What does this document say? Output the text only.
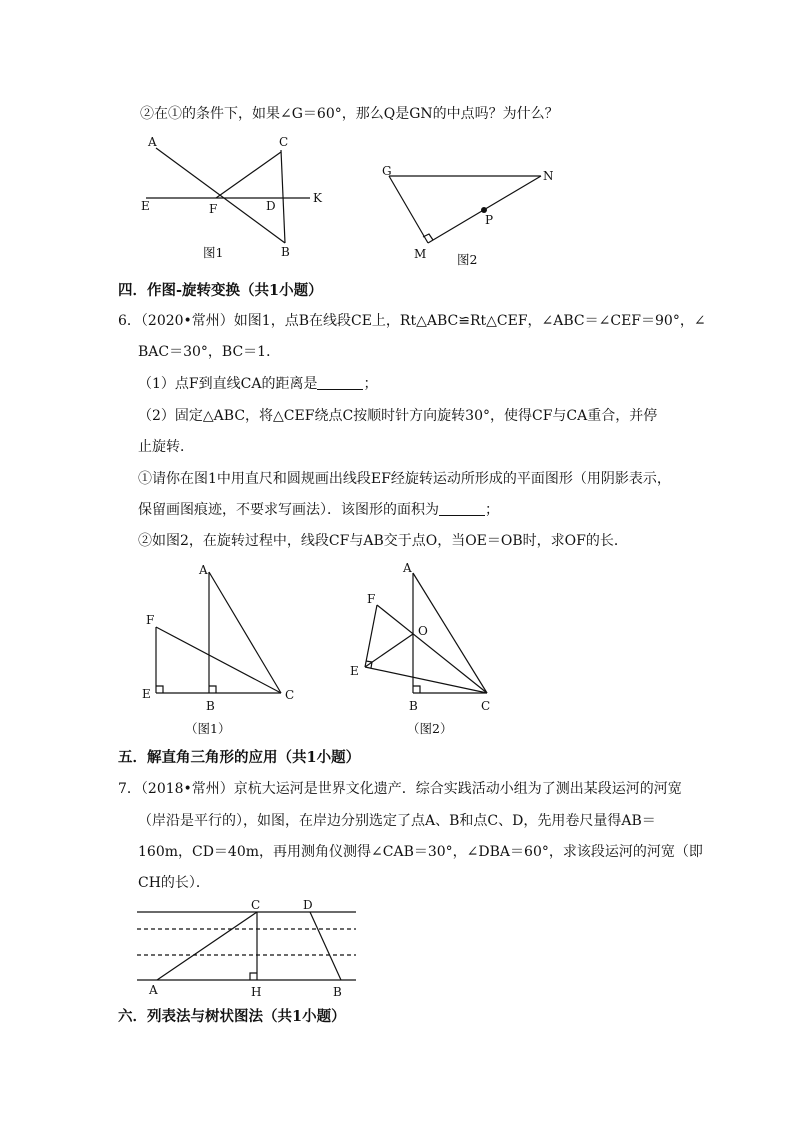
②在①的条件下，如果∠G＝60°，那么Q是GN的中点吗？为什么？
A	C
E	F	D
K
B
图1
G	N
P
M 图2
四．作图-旋转变换（共1小题）
6．（2020•常州）如图1，点B在线段CE上，Rt△ABC≌Rt△CEF，∠ABC＝∠CEF＝90°，∠
BAC＝30°，BC＝1．
（1）点F到直线CA的距离是	；
（2）固定△ABC，将△CEF绕点C按顺时针方向旋转30°，使得CF与CA重合，并停
止旋转．
①请你在图1中用直尺和圆规画出线段EF经旋转运动所形成的平面图形（用阴影表示，
保留画图痕迹，不要求写画法）．该图形的面积为	；
②如图2，在旋转过程中，线段CF与AB交于点O，当OE＝OB时，求OF的长．
A
F
E
B
C
（图1）
A
F
O
E
B	C
（图2）
五．解直角三角形的应用（共1小题）
7．（2018•常州）京杭大运河是世界文化遗产．综合实践活动小组为了测出某段运河的河宽
（岸沿是平行的），如图，在岸边分别选定了点A、B和点C、D，先用卷尺量得AB＝
160m，CD＝40m，再用测角仪测得∠CAB＝30°，∠DBA＝60°，求该段运河的河宽（即
CH的长）．
C	D
A	H	B
六．列表法与树状图法（共1小题）
